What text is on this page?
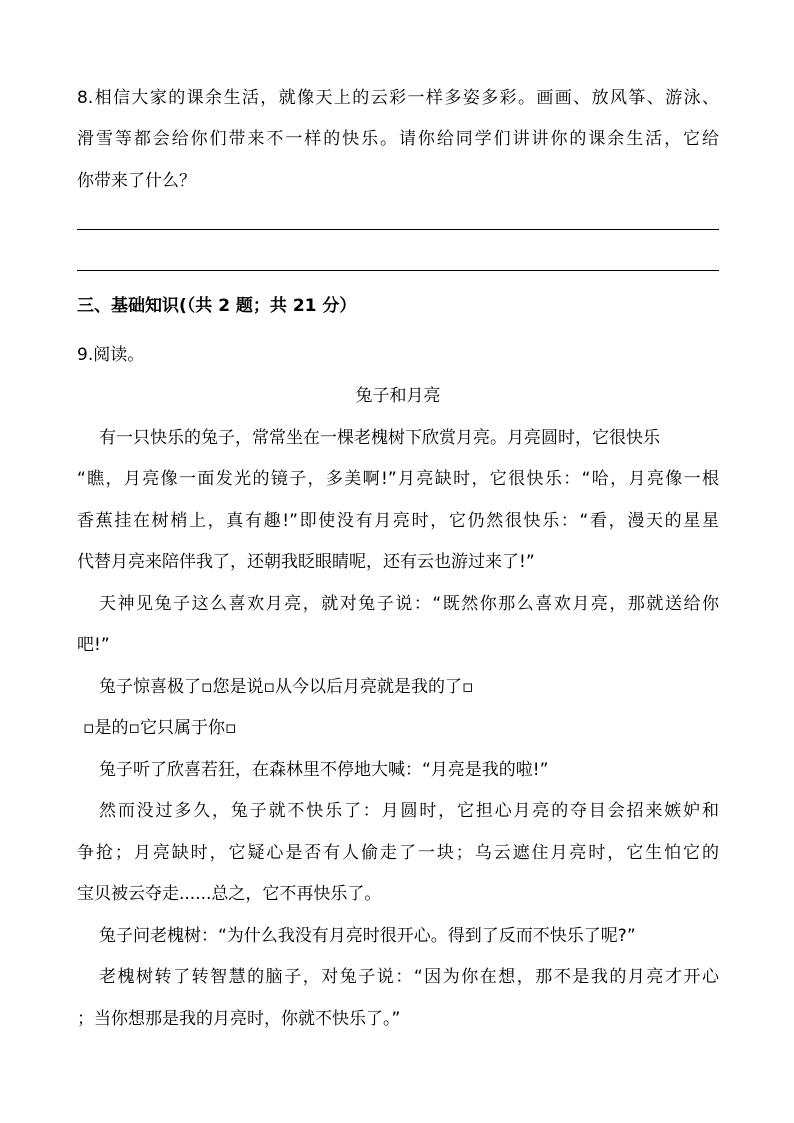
8.相信大家的课余生活，就像天上的云彩一样多姿多彩。画画、放风筝、游泳、
滑雪等都会给你们带来不一样的快乐。请你给同学们讲讲你的课余生活，它给
你带来了什么？
三、基础知识(（共 2 题；共 21 分）
9.阅读。
兔子和月亮
有一只快乐的兔子，常常坐在一棵老槐树下欣赏月亮。月亮圆时，它很快乐
“瞧，月亮像一面发光的镜子，多美啊!”月亮缺时，它很快乐：“哈，月亮像一根
香蕉挂在树梢上，真有趣!”即使没有月亮时，它仍然很快乐：“看，漫天的星星
代替月亮来陪伴我了，还朝我眨眼睛呢，还有云也游过来了!”
天神见兔子这么喜欢月亮，就对兔子说：“既然你那么喜欢月亮，那就送给你
吧!”
兔子惊喜极了▫您是说▫从今以后月亮就是我的了▫
▫是的▫它只属于你▫
兔子听了欣喜若狂，在森林里不停地大喊：“月亮是我的啦!”
然而没过多久，兔子就不快乐了：月圆时，它担心月亮的夺目会招来嫉妒和
争抢；月亮缺时，它疑心是否有人偷走了一块；乌云遮住月亮时，它生怕它的
宝贝被云夺走......总之，它不再快乐了。
兔子问老槐树：“为什么我没有月亮时很开心。得到了反而不快乐了呢?”
老槐树转了转智慧的脑子，对兔子说：“因为你在想，那不是我的月亮才开心
；当你想那是我的月亮时，你就不快乐了。”
